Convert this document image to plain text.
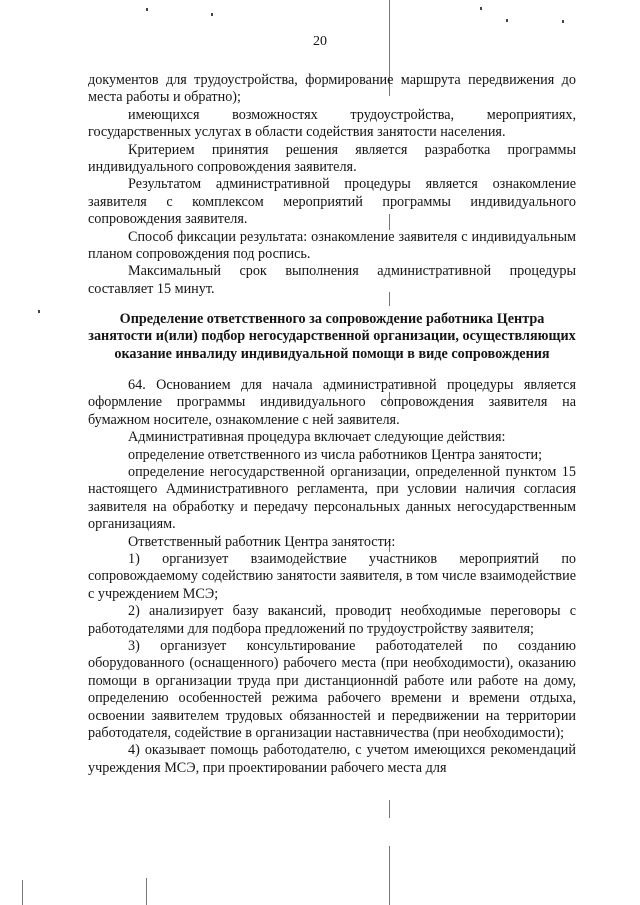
20

документов для трудоустройства, формирование маршрута передвижения до места работы и обратно);

имеющихся возможностях трудоустройства, мероприятиях, государственных услугах в области содействия занятости населения.

Критерием принятия решения является разработка программы индивидуального сопровождения заявителя.

Результатом административной процедуры является ознакомление заявителя с комплексом мероприятий программы индивидуального сопровождения заявителя.

Способ фиксации результата: ознакомление заявителя с индивидуальным планом сопровождения под роспись.

Максимальный срок выполнения административной процедуры составляет 15 минут.

Определение ответственного за сопровождение работника Центра занятости и(или) подбор негосударственной организации, осуществляющих оказание инвалиду индивидуальной помощи в виде сопровождения

64. Основанием для начала административной процедуры является оформление программы индивидуального сопровождения заявителя на бумажном носителе, ознакомление с ней заявителя.

Административная процедура включает следующие действия:

определение ответственного из числа работников Центра занятости;

определение негосударственной организации, определенной пунктом 15 настоящего Административного регламента, при условии наличия согласия заявителя на обработку и передачу персональных данных негосударственным организациям.

Ответственный работник Центра занятости:

1) организует взаимодействие участников мероприятий по сопровождаемому содействию занятости заявителя, в том числе взаимодействие с учреждением МСЭ;

2) анализирует базу вакансий, проводит необходимые переговоры с работодателями для подбора предложений по трудоустройству заявителя;

3) организует консультирование работодателей по созданию оборудованного (оснащенного) рабочего места (при необходимости), оказанию помощи в организации труда при дистанционной работе или работе на дому, определению особенностей режима рабочего времени и времени отдыха, освоении заявителем трудовых обязанностей и передвижении на территории работодателя, содействие в организации наставничества (при необходимости);

4) оказывает помощь работодателю, с учетом имеющихся рекомендаций учреждения МСЭ, при проектировании рабочего места для
